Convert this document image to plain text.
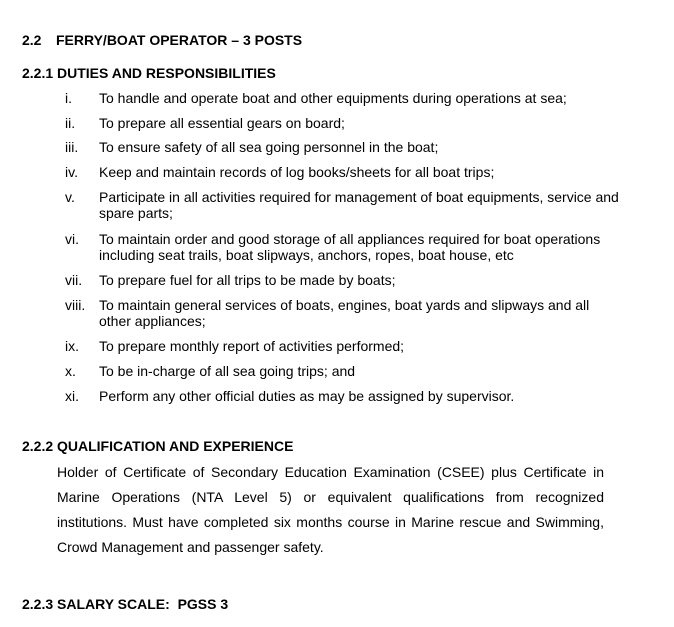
2.2 FERRY/BOAT OPERATOR – 3 POSTS
2.2.1 DUTIES AND RESPONSIBILITIES
i. To handle and operate boat and other equipments during operations at sea;
ii. To prepare all essential gears on board;
iii. To ensure safety of all sea going personnel in the boat;
iv. Keep and maintain records of log books/sheets for all boat trips;
v. Participate in all activities required for management of boat equipments, service and spare parts;
vi. To maintain order and good storage of all appliances required for boat operations including seat trails, boat slipways, anchors, ropes, boat house, etc
vii. To prepare fuel for all trips to be made by boats;
viii. To maintain general services of boats, engines, boat yards and slipways and all other appliances;
ix. To prepare monthly report of activities performed;
x. To be in-charge of all sea going trips; and
xi. Perform any other official duties as may be assigned by supervisor.
2.2.2 QUALIFICATION AND EXPERIENCE
Holder of Certificate of Secondary Education Examination (CSEE) plus Certificate in Marine Operations (NTA Level 5) or equivalent qualifications from recognized institutions. Must have completed six months course in Marine rescue and Swimming, Crowd Management and passenger safety.
2.2.3 SALARY SCALE:  PGSS 3
